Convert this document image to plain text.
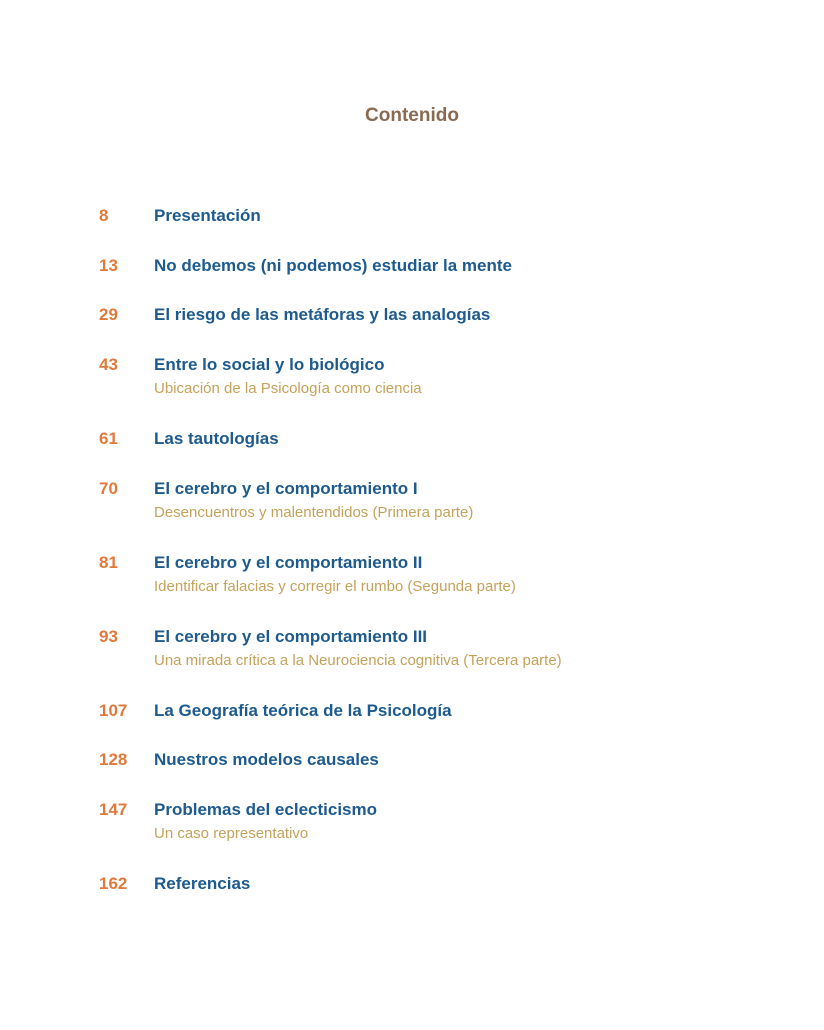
Contenido
8	Presentación
13 No debemos (ni podemos) estudiar la mente
29 El riesgo de las metáforas y las analogías
43 Entre lo social y lo biológico
Ubicación de la Psicología como ciencia
61 Las tautologías
70 El cerebro y el comportamiento I
Desencuentros y malentendidos (Primera parte)
81 El cerebro y el comportamiento II
Identificar falacias y corregir el rumbo (Segunda parte)
93 El cerebro y el comportamiento III
Una mirada crítica a la Neurociencia cognitiva (Tercera parte)
107 La Geografía teórica de la Psicología
128 Nuestros modelos causales
147 Problemas del eclecticismo
Un caso representativo
162 Referencias
